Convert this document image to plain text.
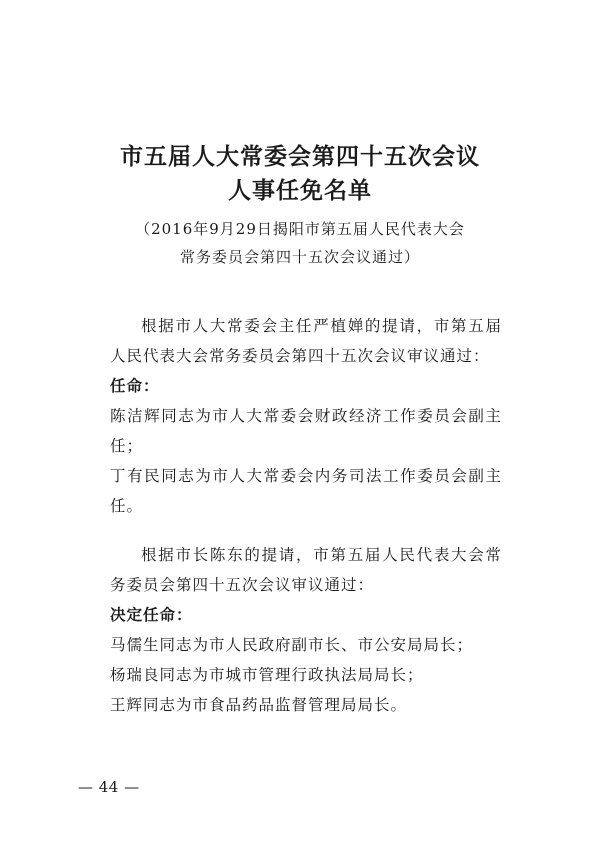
市五届人大常委会第四十五次会议
人事任免名单
（2016年9月29日揭阳市第五届人民代表大会
常务委员会第四十五次会议通过）
根据市人大常委会主任严植婵的提请，市第五届人民代表大会常务委员会第四十五次会议审议通过：
任命：
陈洁辉同志为市人大常委会财政经济工作委员会副主任；
丁有民同志为市人大常委会内务司法工作委员会副主任。
根据市长陈东的提请，市第五届人民代表大会常务委员会第四十五次会议审议通过：
决定任命：
马儒生同志为市人民政府副市长、市公安局局长；
杨瑞良同志为市城市管理行政执法局局长；
王辉同志为市食品药品监督管理局局长。
— 44 —
